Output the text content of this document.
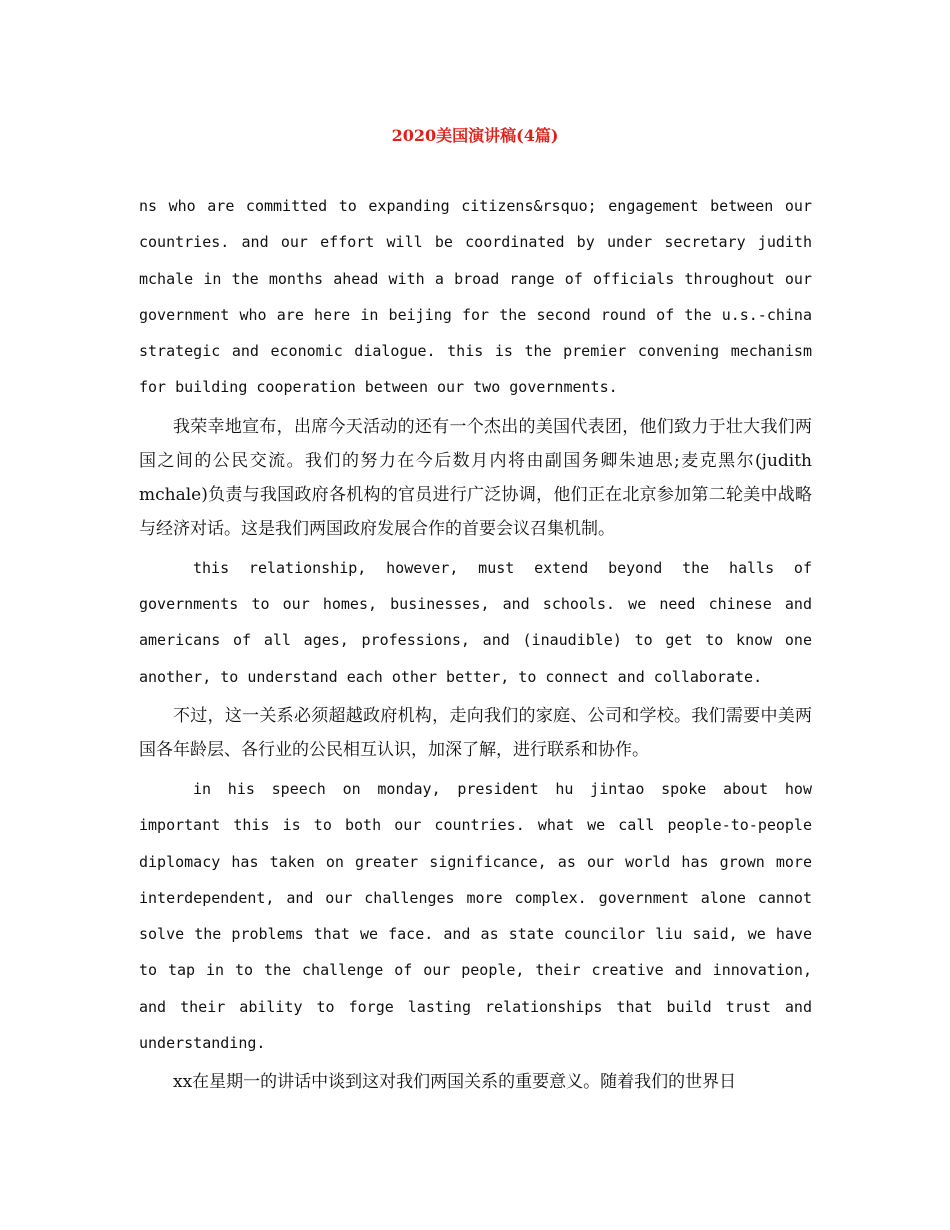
2020美国演讲稿(4篇)

ns who are committed to expanding citizens&rsquo; engagement between our countries. and our effort will be coordinated by under secretary judith mchale in the months ahead with a broad range of officials throughout our government who are here in beijing for the second round of the u.s.-china strategic and economic dialogue. this is the premier convening mechanism for building cooperation between our two governments.

我荣幸地宣布，出席今天活动的还有一个杰出的美国代表团，他们致力于壮大我们两国之间的公民交流。我们的努力在今后数月内将由副国务卿朱迪思;麦克黑尔(judith mchale)负责与我国政府各机构的官员进行广泛协调，他们正在北京参加第二轮美中战略与经济对话。这是我们两国政府发展合作的首要会议召集机制。

this relationship, however, must extend beyond the halls of governments to our homes, businesses, and schools. we need chinese and americans of all ages, professions, and (inaudible) to get to know one another, to understand each other better, to connect and collaborate.

不过，这一关系必须超越政府机构，走向我们的家庭、公司和学校。我们需要中美两国各年龄层、各行业的公民相互认识，加深了解，进行联系和协作。

in his speech on monday, president hu jintao spoke about how important this is to both our countries. what we call people-to-people diplomacy has taken on greater significance, as our world has grown more interdependent, and our challenges more complex. government alone cannot solve the problems that we face. and as state councilor liu said, we have to tap in to the challenge of our people, their creative and innovation, and their ability to forge lasting relationships that build trust and understanding.

xx在星期一的讲话中谈到这对我们两国关系的重要意义。随着我们的世界日
